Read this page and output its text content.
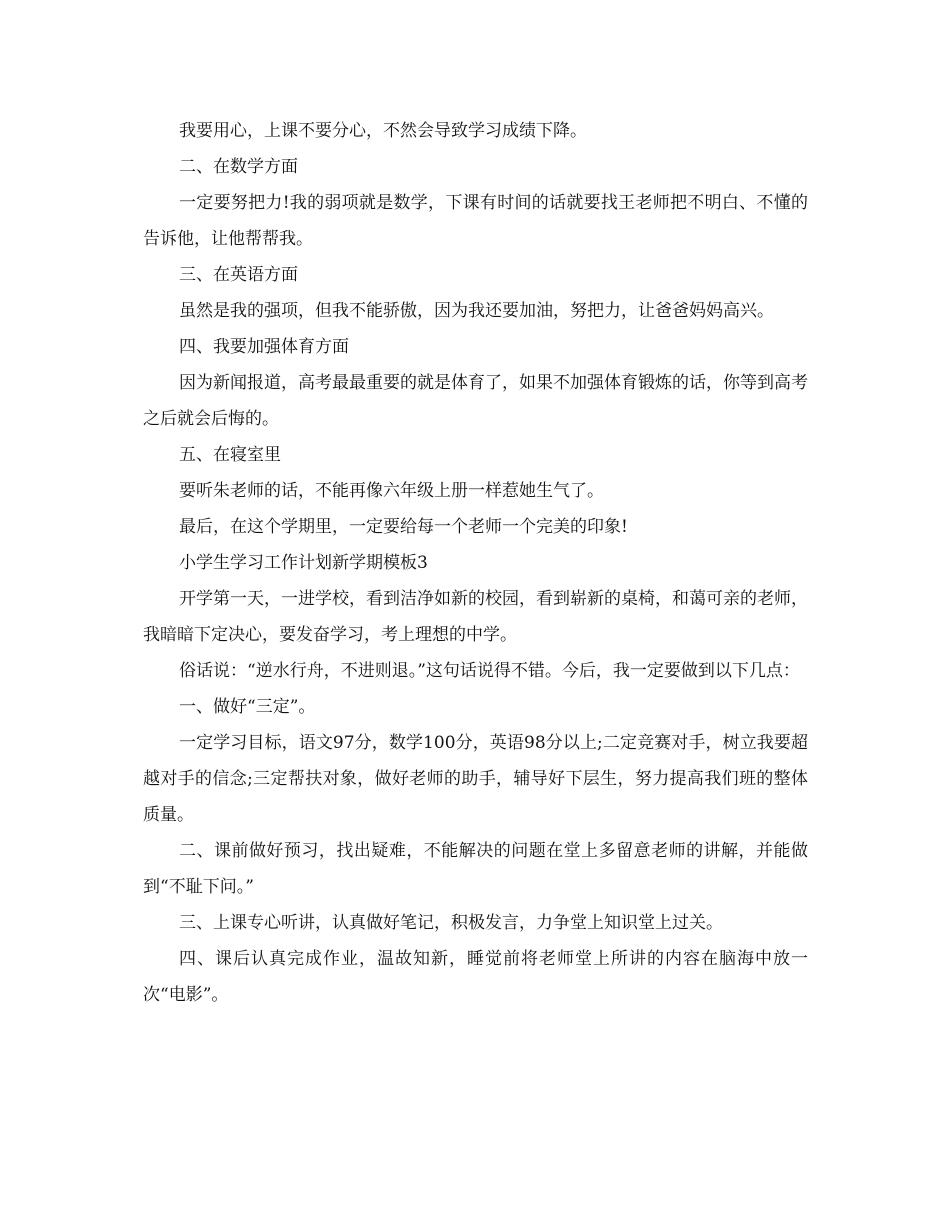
我要用心，上课不要分心，不然会导致学习成绩下降。

二、在数学方面

一定要努把力!我的弱项就是数学，下课有时间的话就要找王老师把不明白、不懂的告诉他，让他帮帮我。

三、在英语方面

虽然是我的强项，但我不能骄傲，因为我还要加油，努把力，让爸爸妈妈高兴。

四、我要加强体育方面

因为新闻报道，高考最最重要的就是体育了，如果不加强体育锻炼的话，你等到高考之后就会后悔的。

五、在寝室里

要听朱老师的话，不能再像六年级上册一样惹她生气了。

最后，在这个学期里，一定要给每一个老师一个完美的印象!

小学生学习工作计划新学期模板3

开学第一天，一进学校，看到洁净如新的校园，看到崭新的桌椅，和蔼可亲的老师，我暗暗下定决心，要发奋学习，考上理想的中学。

俗话说：“逆水行舟，不进则退。”这句话说得不错。今后，我一定要做到以下几点：

一、做好“三定”。

一定学习目标，语文97分，数学100分，英语98分以上;二定竞赛对手，树立我要超越对手的信念;三定帮扶对象，做好老师的助手，辅导好下层生，努力提高我们班的整体质量。

二、课前做好预习，找出疑难，不能解决的问题在堂上多留意老师的讲解，并能做到“不耻下问。”

三、上课专心听讲，认真做好笔记，积极发言，力争堂上知识堂上过关。

四、课后认真完成作业，温故知新，睡觉前将老师堂上所讲的内容在脑海中放一次“电影”。
